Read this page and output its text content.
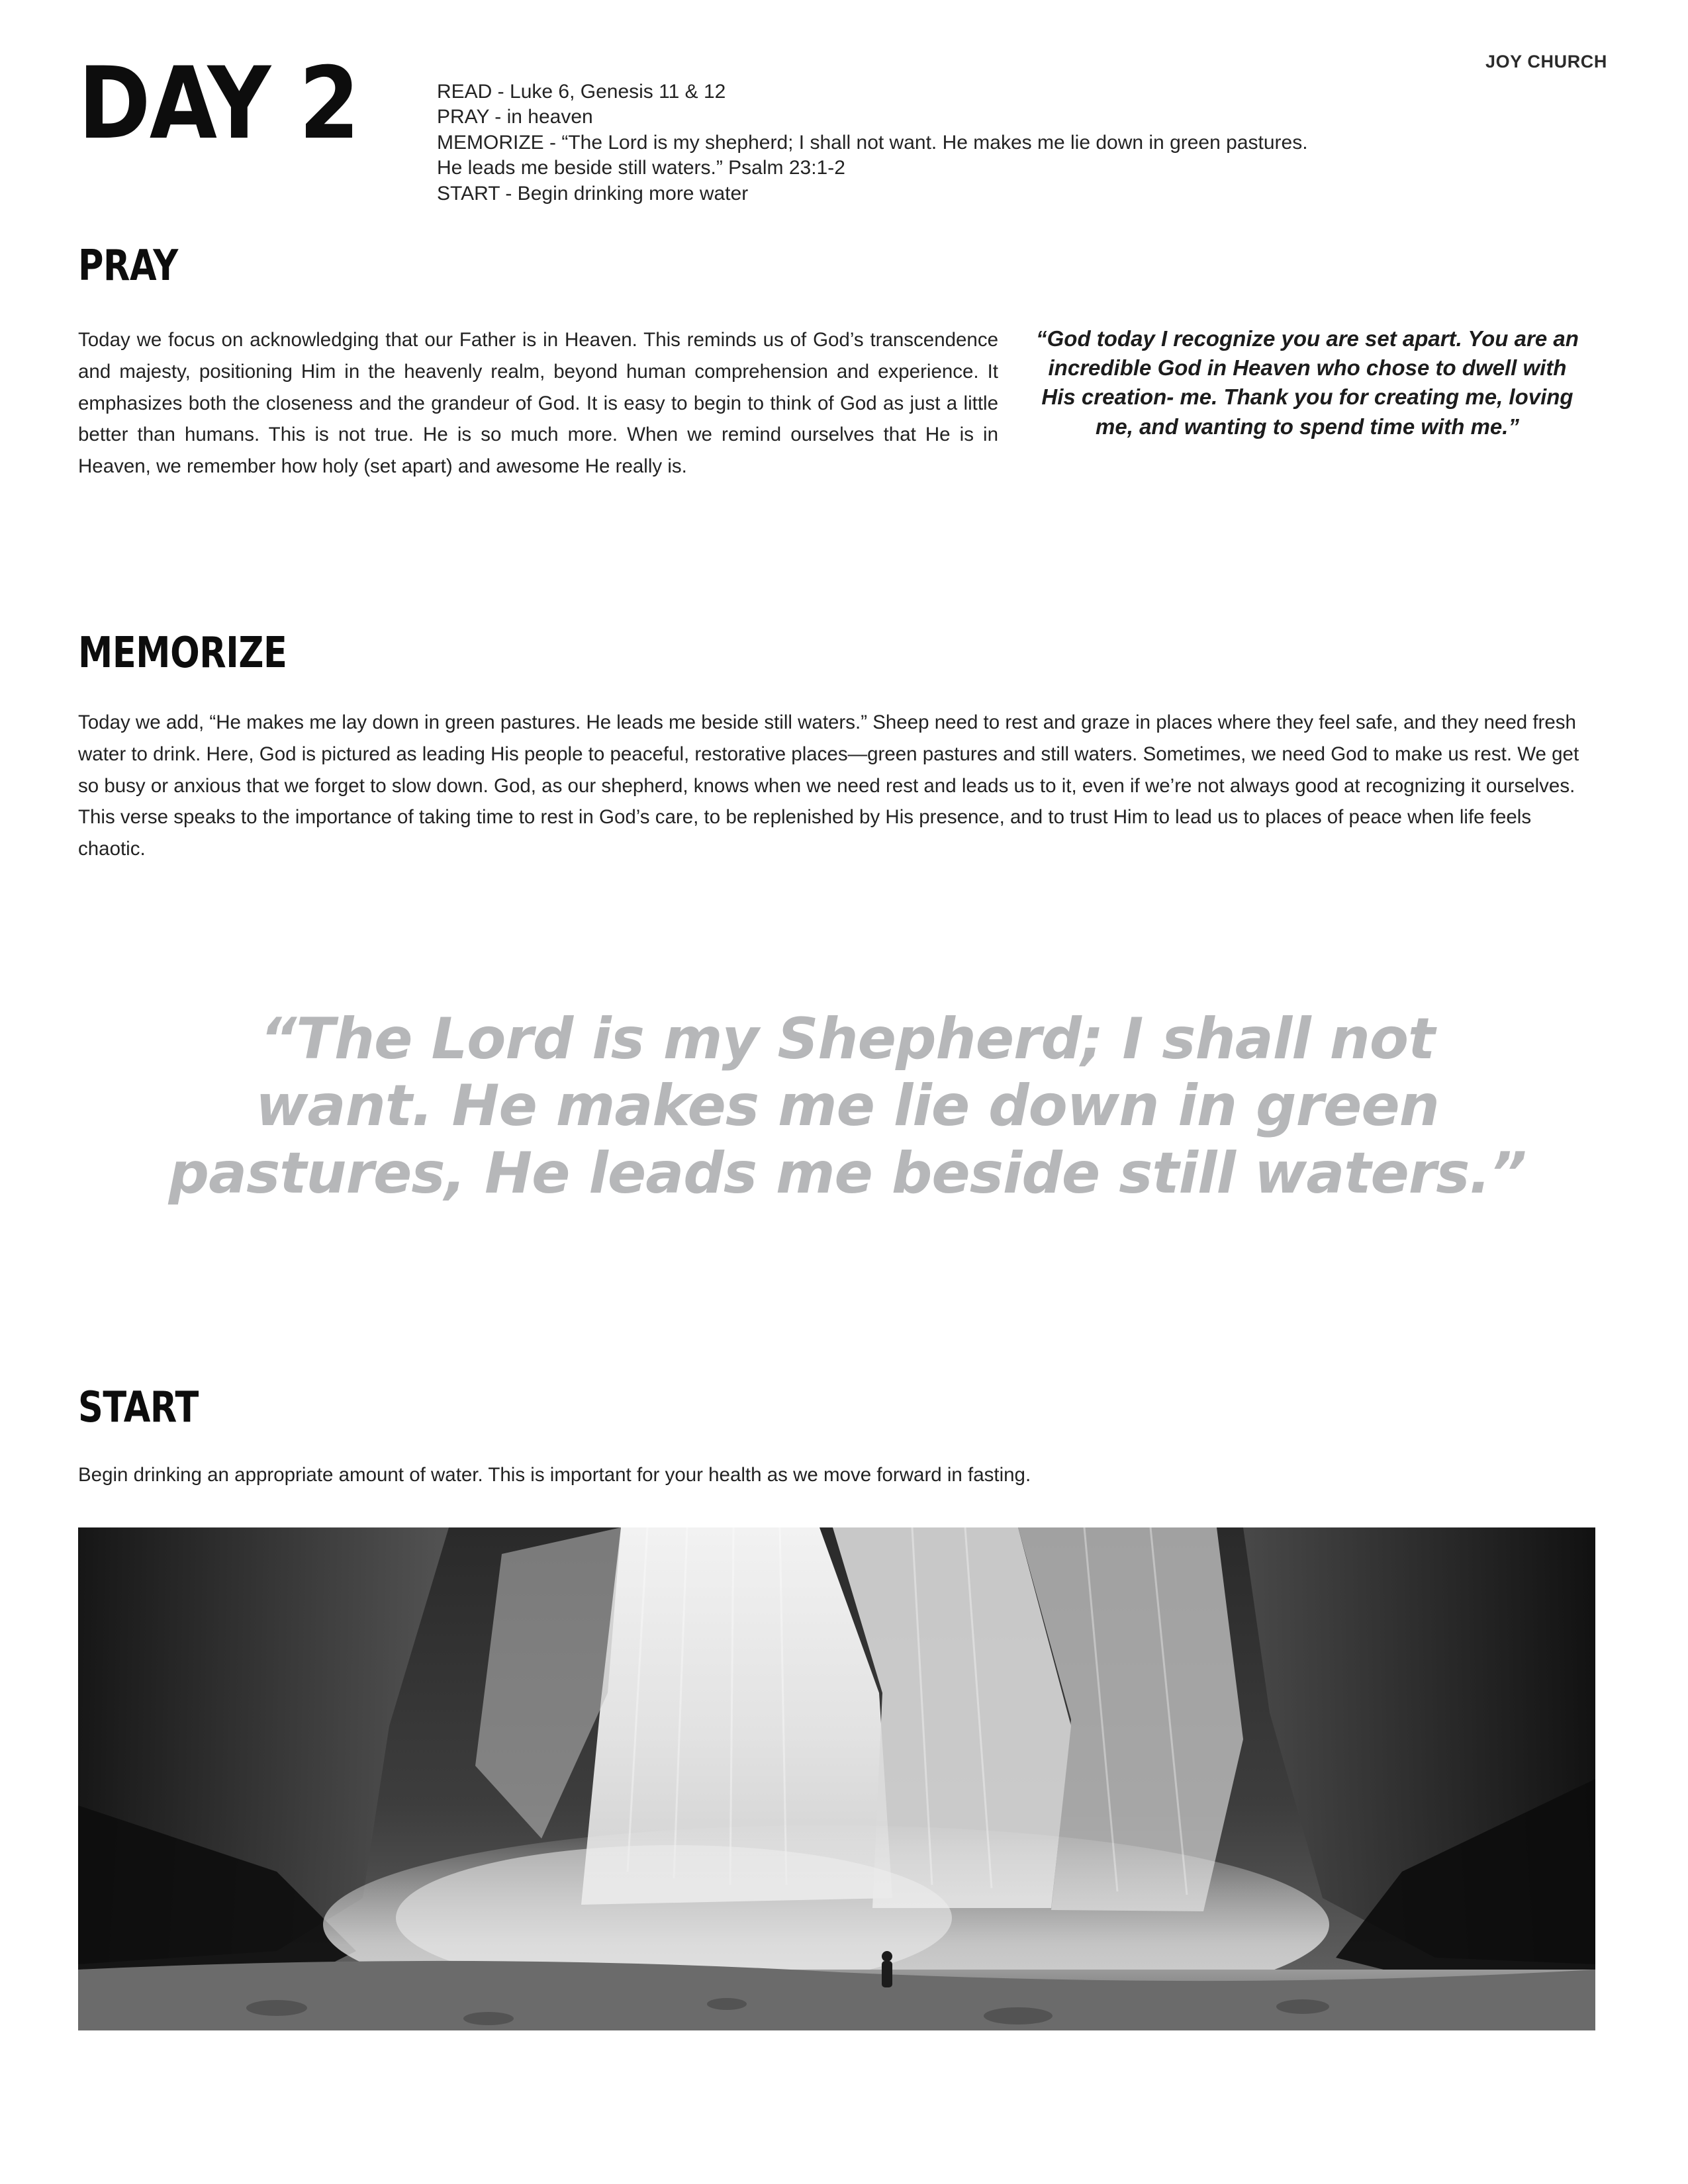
JOY CHURCH
DAY 2	READ - Luke 6, Genesis 11 & 12
PRAY - in heaven
MEMORIZE - “The Lord is my shepherd; I shall not want. He makes me lie down in green pastures.
He leads me beside still waters.” Psalm 23:1-2
START - Begin drinking more water
PRAY
Today we focus on acknowledging that our Father is in Heaven. This reminds us of God’s transcendence and majesty, positioning Him in the heavenly realm, beyond human comprehension and experience. It emphasizes both the closeness and the grandeur of God. It is easy to begin to think of God as just a little better than humans. This is not true. He is so much more. When we remind ourselves that He is in Heaven, we remember how holy (set apart) and awesome He really is.
“God today I recognize you are set apart. You are an incredible God in Heaven who chose to dwell with His creation- me. Thank you for creating me, loving me, and wanting to spend time with me.”
MEMORIZE

Today we add, “He makes me lay down in green pastures. He leads me beside still waters.” Sheep need to rest and graze in places where they feel safe, and they need fresh water to drink. Here, God is pictured as leading His people to peaceful, restorative places—green pastures and still waters. Sometimes, we need God to make us rest. We get so busy or anxious that we forget to slow down. God, as our shepherd, knows when we need rest and leads us to it, even if we’re not always good at recognizing it ourselves.

This verse speaks to the importance of taking time to rest in God’s care, to be replenished by His presence, and to trust Him to lead us to places of peace when life feels chaotic.

“The Lord is my Shepherd; I shall not want. He makes me lie down in green pastures, He leads me beside still waters.”
START
Begin drinking an appropriate amount of water. This is important for your health as we move forward in fasting.
